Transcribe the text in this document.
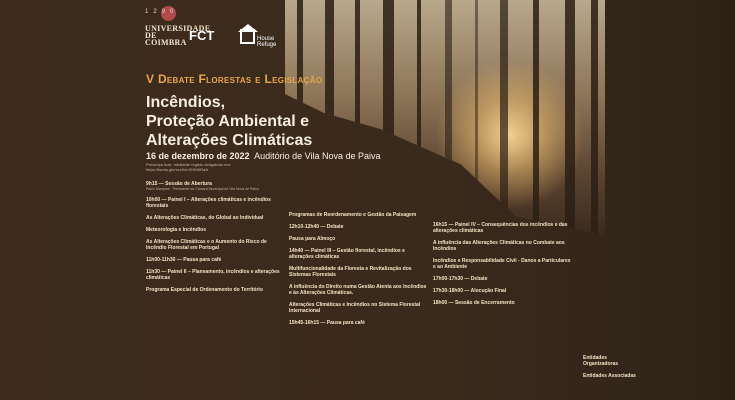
1290
UNIVERSIDADE DE COIMBRA FCT	House Refuge
V Debate Florestas e Legislação
Incêndios,
Proteção Ambiental e
Alterações Climáticas
16 de dezembro de 2022 Auditório de Vila Nova de Paiva
Presença livre, mediante registo obrigatório em:
https://forms.gle/xzxHvLSHMARaA
9h15 — Sessão de Abertura
Paulo Marques · Presidente da Câmara Municipal de Vila Nova de Paiva
10h00 — Painel I – Alterações climáticas e incêndios florestais
As Alterações Climáticas, do Global ao Individual
Meteorologia e Incêndios
As Alterações Climáticas e o Aumento do Risco de Incêndio Florestal em Portugal
11h00-11h30 — Pausa para café
11h30 — Painel II – Planeamento, incêndios e alterações climáticas
Programa Especial de Ordenamento do Território
Programas de Reordenamento e Gestão da Paisagem
12h10-12h40 — Debate
Pausa para Almoço
14h40 — Painel III – Gestão florestal, incêndios e alterações climáticas
Multifuncionalidade da Floresta e Revitalização dos Sistemas Florestais
A influência do Direito numa Gestão Atenta aos Incêndios e às Alterações Climáticas.
Alterações Climáticas e Incêndios no Sistema Florestal Internacional
15h45-16h15 — Pausa para café
16h15 — Painel IV – Consequências dos incêndios e das alterações climáticas
A influência das Alterações Climáticas no Combate aos Incêndios
Incêndios e Responsabilidade Civil - Danos a Particulares e ao Ambiente
17h00-17h30 — Debate
17h30-18h00 — Alocução Final
18h00 — Sessão de Encerramento
Entidades Organizadoras
Entidades Associadas
